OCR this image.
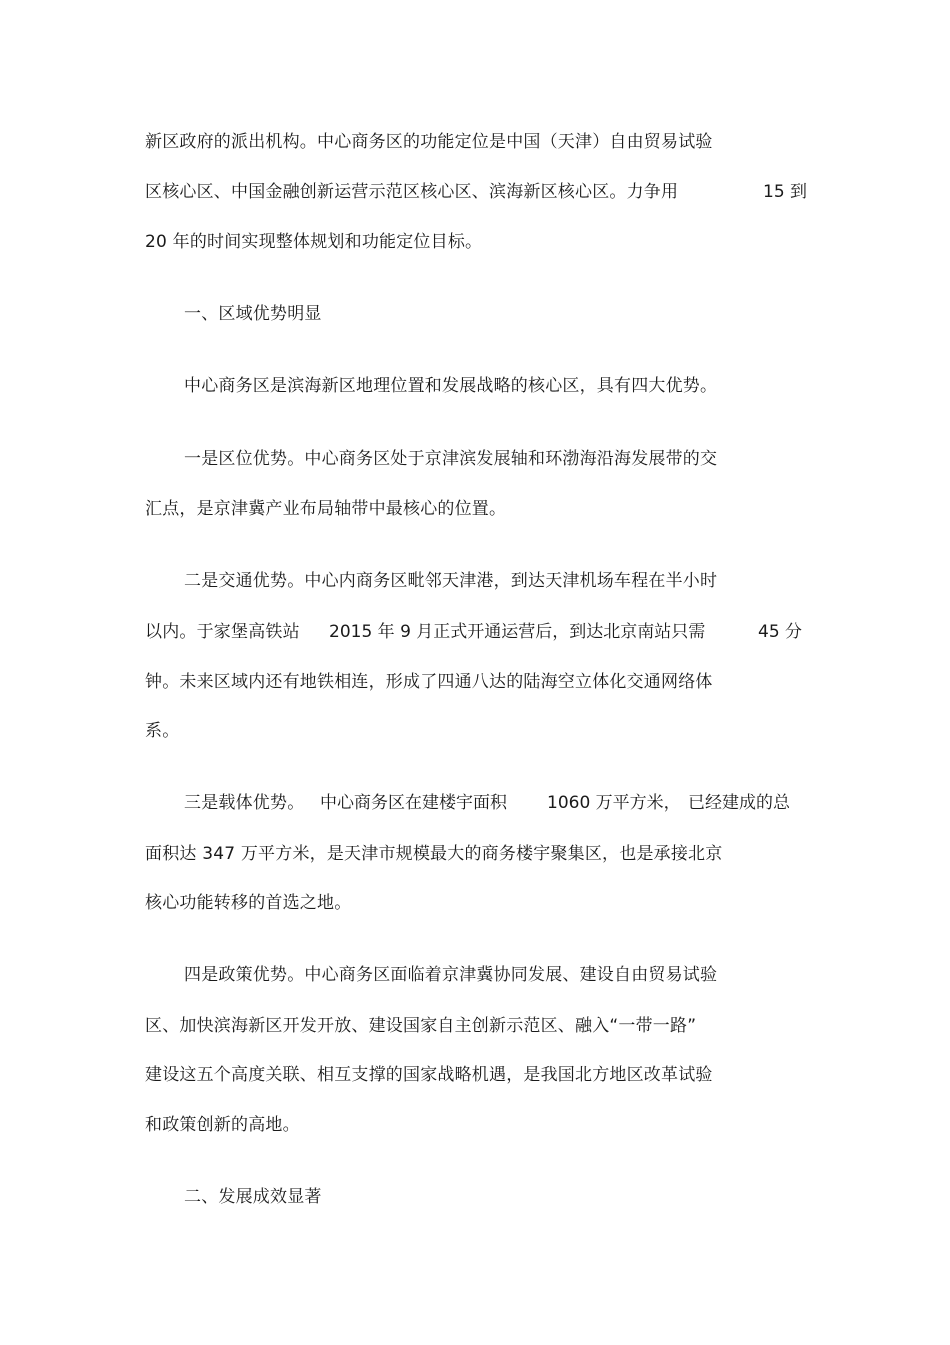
新区政府的派出机构。中心商务区的功能定位是中国（天津）自由贸易试验
区核心区、中国金融创新运营示范区核心区、滨海新区核心区。力争用	15 到
20 年的时间实现整体规划和功能定位目标。
一、区域优势明显
中心商务区是滨海新区地理位置和发展战略的核心区，具有四大优势。
一是区位优势。中心商务区处于京津滨发展轴和环渤海沿海发展带的交
汇点，是京津冀产业布局轴带中最核心的位置。
二是交通优势。中心内商务区毗邻天津港，到达天津机场车程在半小时
以内。于家堡高铁站 2015 年 9 月正式开通运营后，到达北京南站只需	45 分
钟。未来区域内还有地铁相连，形成了四通八达的陆海空立体化交通网络体
系。
三是载体优势。 中心商务区在建楼宇面积 1060 万平方米， 已经建成的总
面积达 347 万平方米，是天津市规模最大的商务楼宇聚集区，也是承接北京
核心功能转移的首选之地。
四是政策优势。中心商务区面临着京津冀协同发展、建设自由贸易试验
区、加快滨海新区开发开放、建设国家自主创新示范区、融入“一带一路”
建设这五个高度关联、相互支撑的国家战略机遇，是我国北方地区改革试验
和政策创新的高地。
二、发展成效显著
